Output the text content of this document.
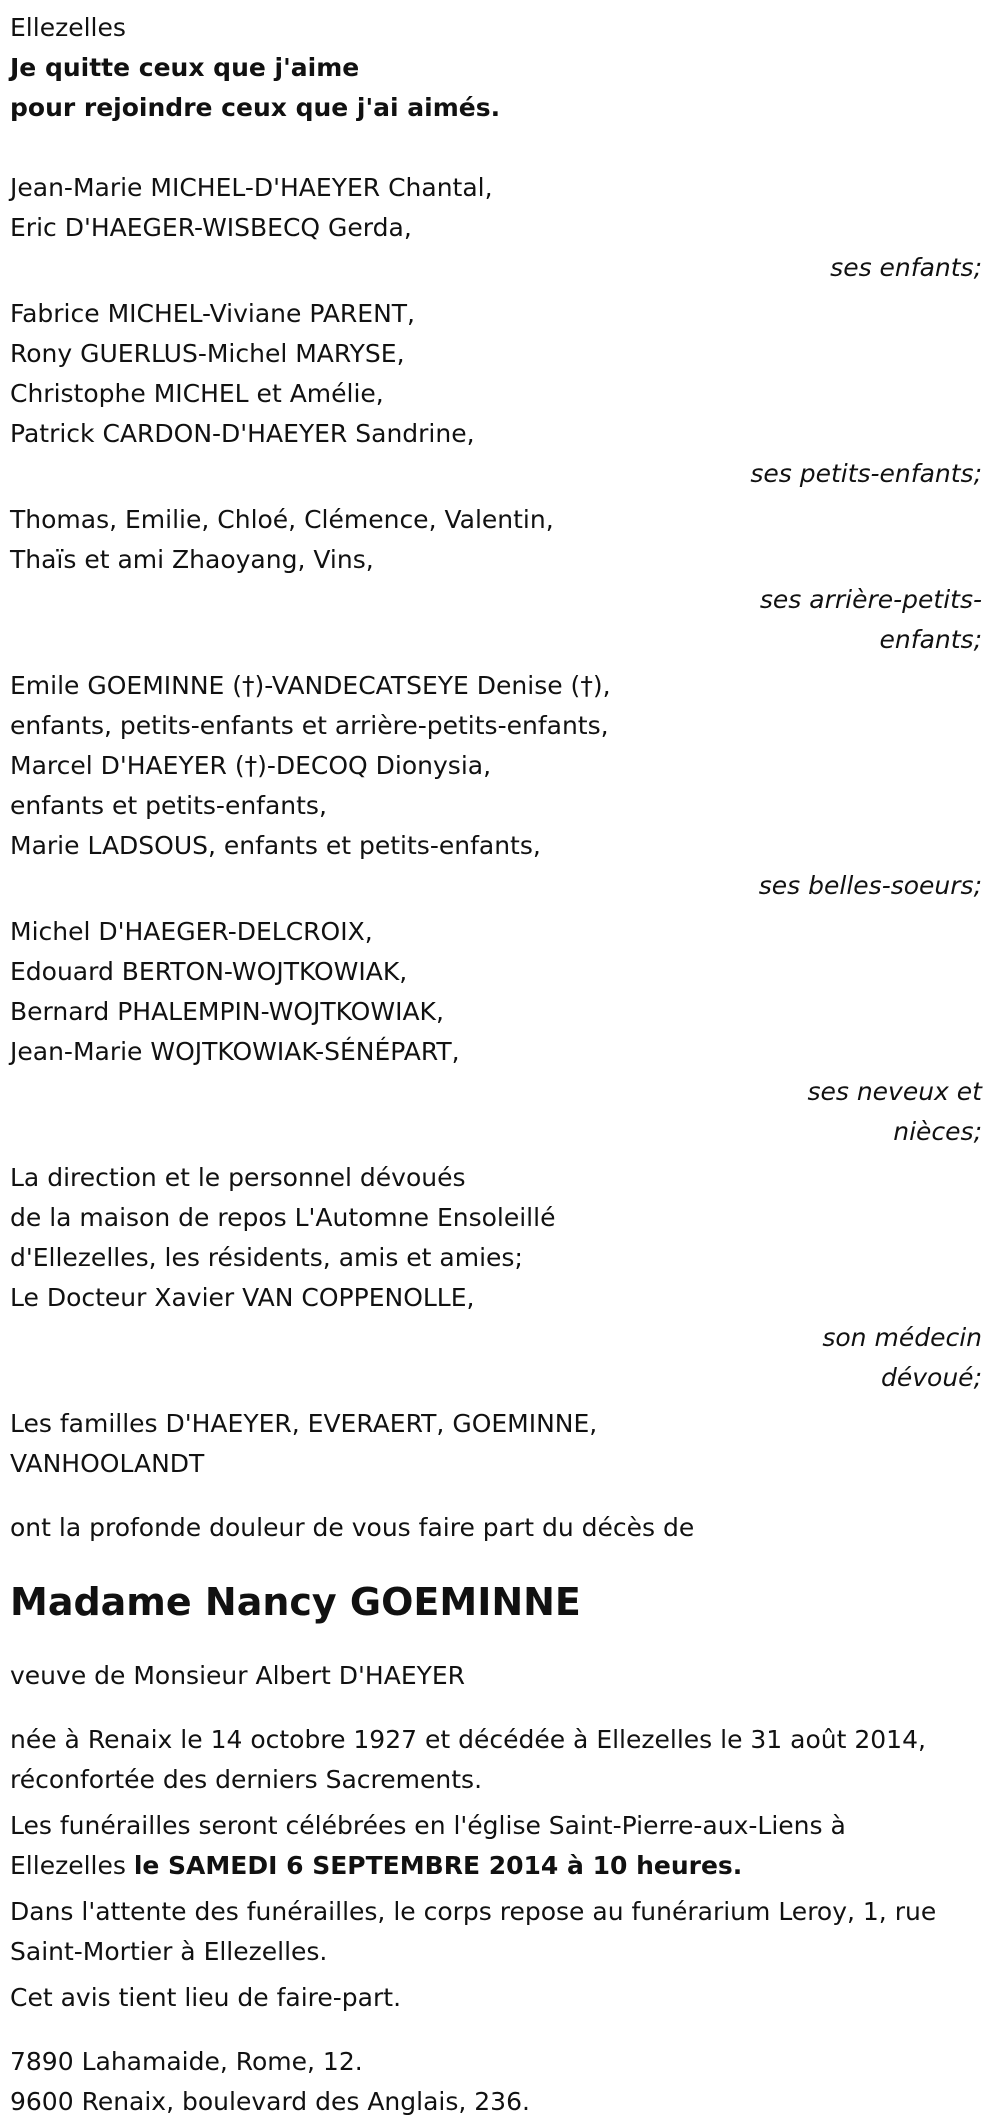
Ellezelles
Je quitte ceux que j'aime
pour rejoindre ceux que j'ai aimés.
Jean-Marie MICHEL-D'HAEYER Chantal,
Eric D'HAEGER-WISBECQ Gerda,
ses enfants;
Fabrice MICHEL-Viviane PARENT,
Rony GUERLUS-Michel MARYSE,
Christophe MICHEL et Amélie,
Patrick CARDON-D'HAEYER Sandrine,
ses petits-enfants;
Thomas, Emilie, Chloé, Clémence, Valentin,
Thaïs et ami Zhaoyang, Vins,
ses arrière-petits-
enfants;
Emile GOEMINNE (†)-VANDECATSEYE Denise (†),
enfants, petits-enfants et arrière-petits-enfants,
Marcel D'HAEYER (†)-DECOQ Dionysia,
enfants et petits-enfants,
Marie LADSOUS, enfants et petits-enfants,
ses belles-soeurs;
Michel D'HAEGER-DELCROIX,
Edouard BERTON-WOJTKOWIAK,
Bernard PHALEMPIN-WOJTKOWIAK,
Jean-Marie WOJTKOWIAK-SÉNÉPART,
ses neveux et
nièces;
La direction et le personnel dévoués
de la maison de repos L'Automne Ensoleillé
d'Ellezelles, les résidents, amis et amies;
Le Docteur Xavier VAN COPPENOLLE,
son médecin
dévoué;
Les familles D'HAEYER, EVERAERT, GOEMINNE,
VANHOOLANDT
ont la profonde douleur de vous faire part du décès de
Madame Nancy GOEMINNE
veuve de Monsieur Albert D'HAEYER
née à Renaix le 14 octobre 1927 et décédée à Ellezelles le 31 août 2014,
réconfortée des derniers Sacrements.
Les funérailles seront célébrées en l'église Saint-Pierre-aux-Liens à
Ellezelles le SAMEDI 6 SEPTEMBRE 2014 à 10 heures.
Dans l'attente des funérailles, le corps repose au funérarium Leroy, 1, rue
Saint-Mortier à Ellezelles.
Cet avis tient lieu de faire-part.
7890 Lahamaide, Rome, 12.
9600 Renaix, boulevard des Anglais, 236.
